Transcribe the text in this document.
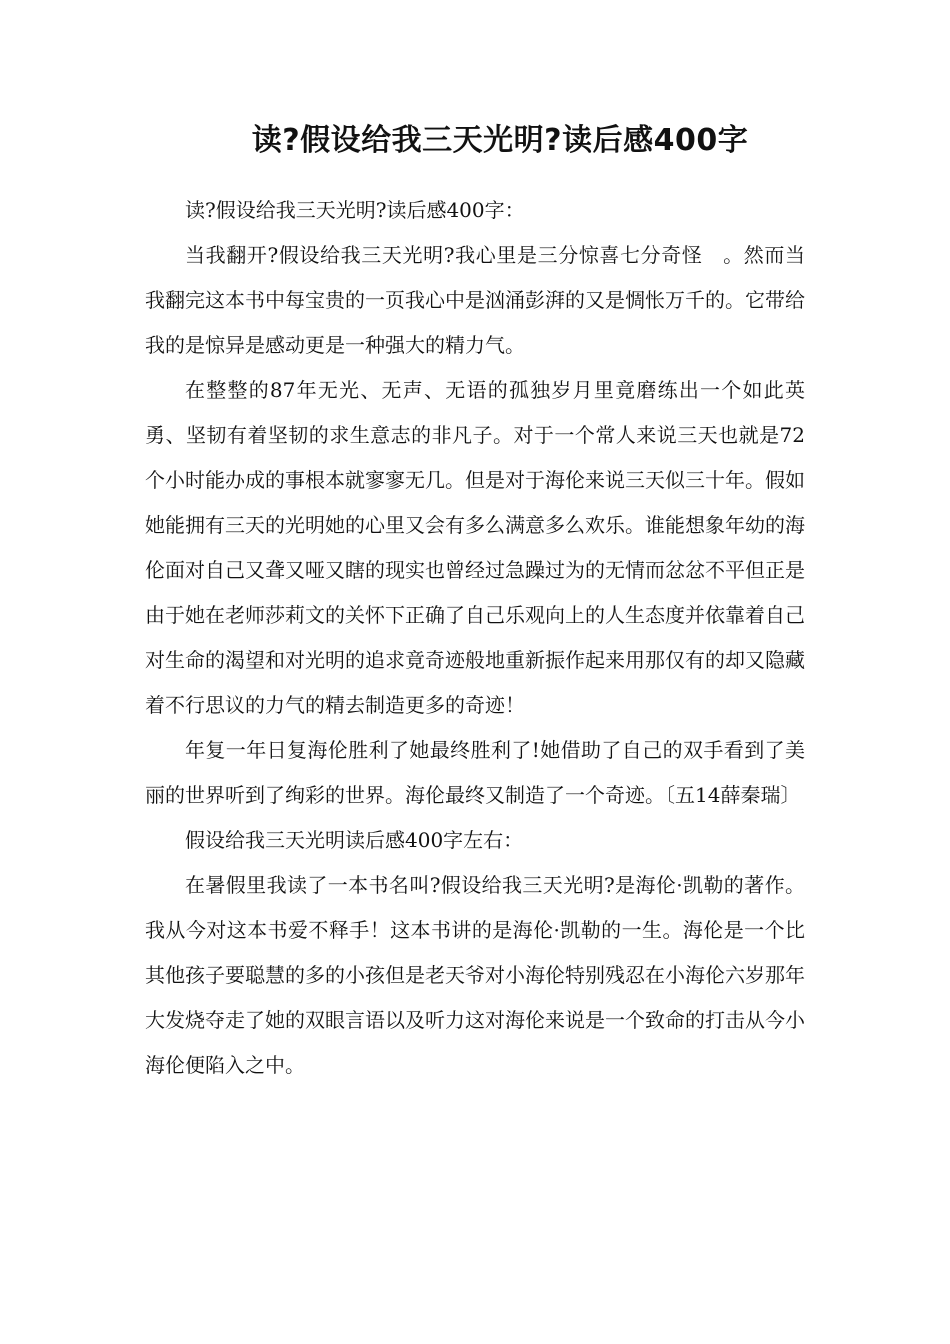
读?假设给我三天光明?读后感400字

读?假设给我三天光明?读后感400字：

当我翻开?假设给我三天光明?我心里是三分惊喜七分奇怪　。然而当我翻完这本书中每宝贵的一页我心中是汹涌彭湃的又是惆怅万千的。它带给我的是惊异是感动更是一种强大的精力气。

在整整的87年无光、无声、无语的孤独岁月里竟磨练出一个如此英勇、坚韧有着坚韧的求生意志的非凡子。对于一个常人来说三天也就是72个小时能办成的事根本就寥寥无几。但是对于海伦来说三天似三十年。假如她能拥有三天的光明她的心里又会有多么满意多么欢乐。谁能想象年幼的海伦面对自己又聋又哑又瞎的现实也曾经过急躁过为的无情而忿忿不平但正是由于她在老师莎莉文的关怀下正确了自己乐观向上的人生态度并依靠着自己对生命的渴望和对光明的追求竟奇迹般地重新振作起来用那仅有的却又隐藏着不行思议的力气的精去制造更多的奇迹！

年复一年日复海伦胜利了她最终胜利了!她借助了自己的双手看到了美丽的世界听到了绚彩的世界。海伦最终又制造了一个奇迹。〔五14薛秦瑞〕

假设给我三天光明读后感400字左右：

在暑假里我读了一本书名叫?假设给我三天光明?是海伦·凯勒的著作。我从今对这本书爱不释手！这本书讲的是海伦·凯勒的一生。海伦是一个比其他孩子要聪慧的多的小孩但是老天爷对小海伦特别残忍在小海伦六岁那年大发烧夺走了她的双眼言语以及听力这对海伦来说是一个致命的打击从今小海伦便陷入之中。
